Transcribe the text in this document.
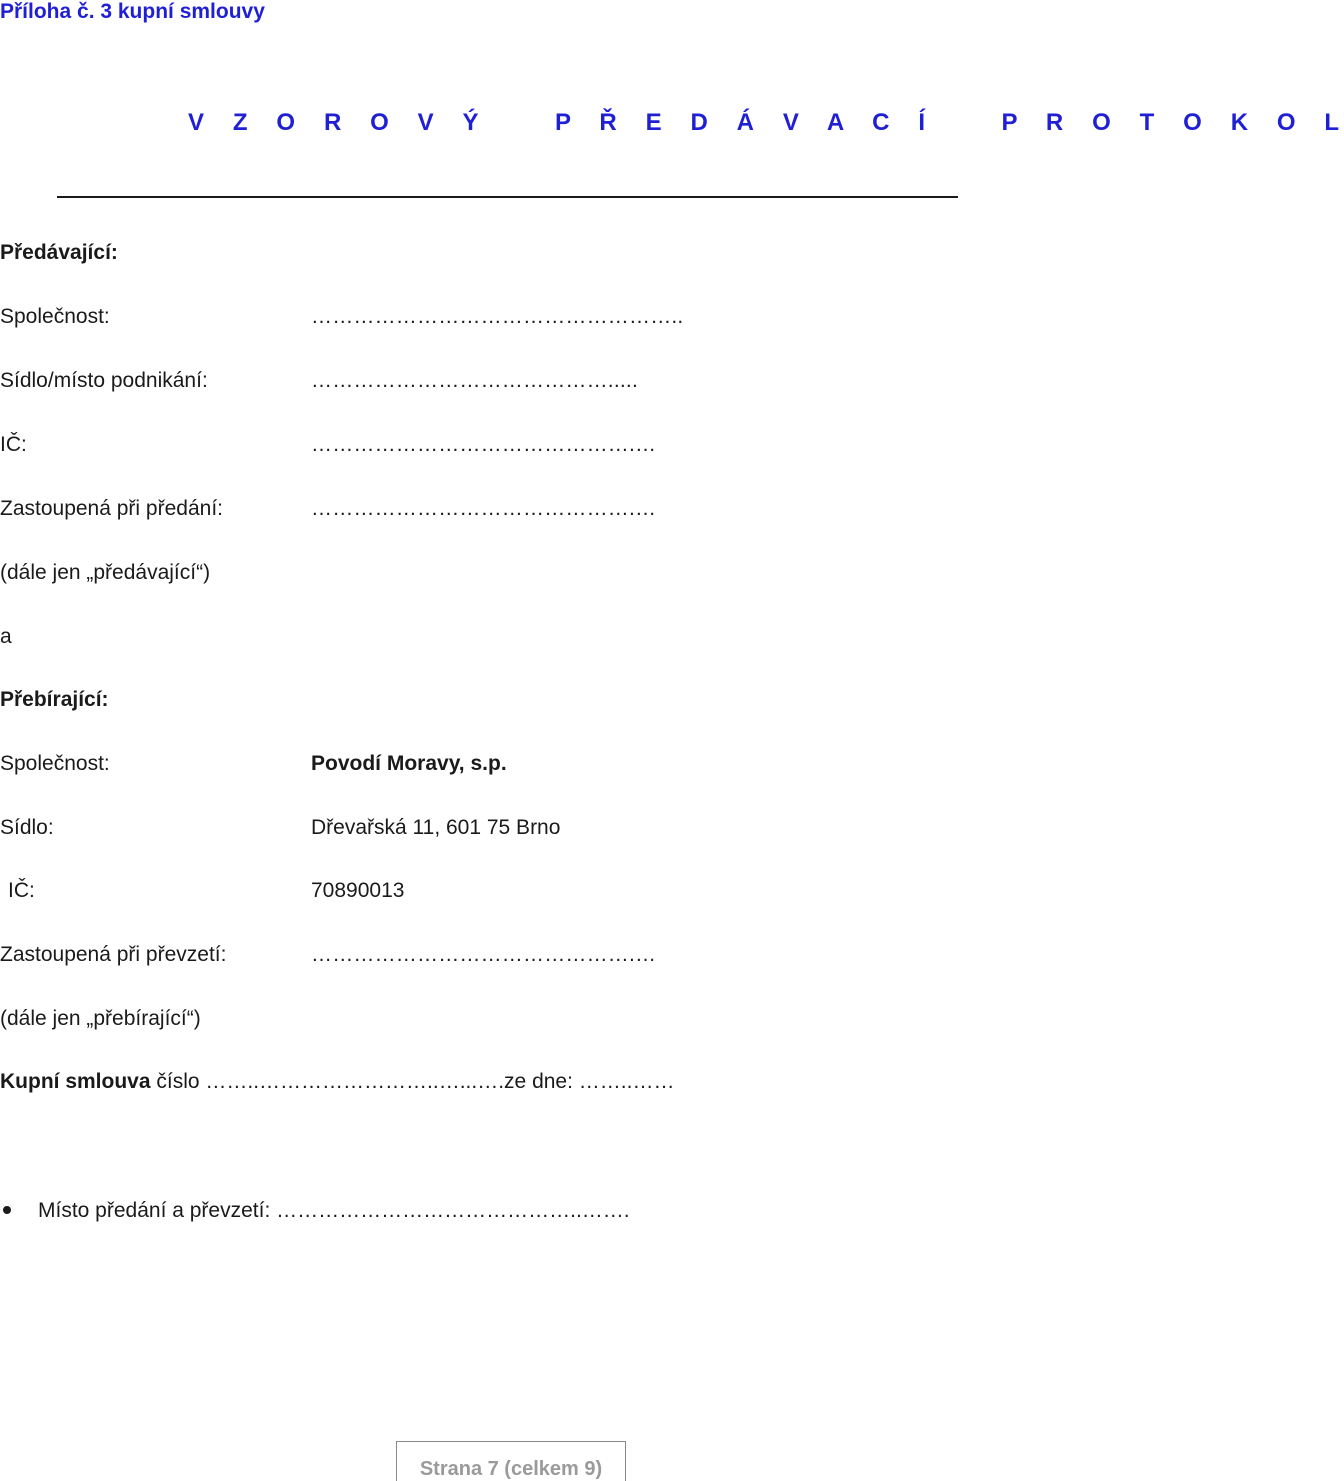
Příloha č. 3 kupní smlouvy
V Z O R O V Ý   P Ř E D Á V A C Í   P R O T O K O L
Předávající:
Společnost:	……………………………………………..
Sídlo/místo podnikání:	…………………………………….....
IČ:	……………………………………….…
Zastoupená při předání:	……………………………………….…
(dále jen „předávající“)
a
Přebírající:
Společnost:	Povodí Moravy, s.p.
Sídlo:	Dřevařská 11, 601 75 Brno
IČ:	70890013
Zastoupená při převzetí:	……………………………………….…
(dále jen „přebírající“)
Kupní smlouva číslo ……..……………………..…...….ze dne: ……..……
Místo předání a převzetí: ……………………………………..…….
Strana 7 (celkem 9)
